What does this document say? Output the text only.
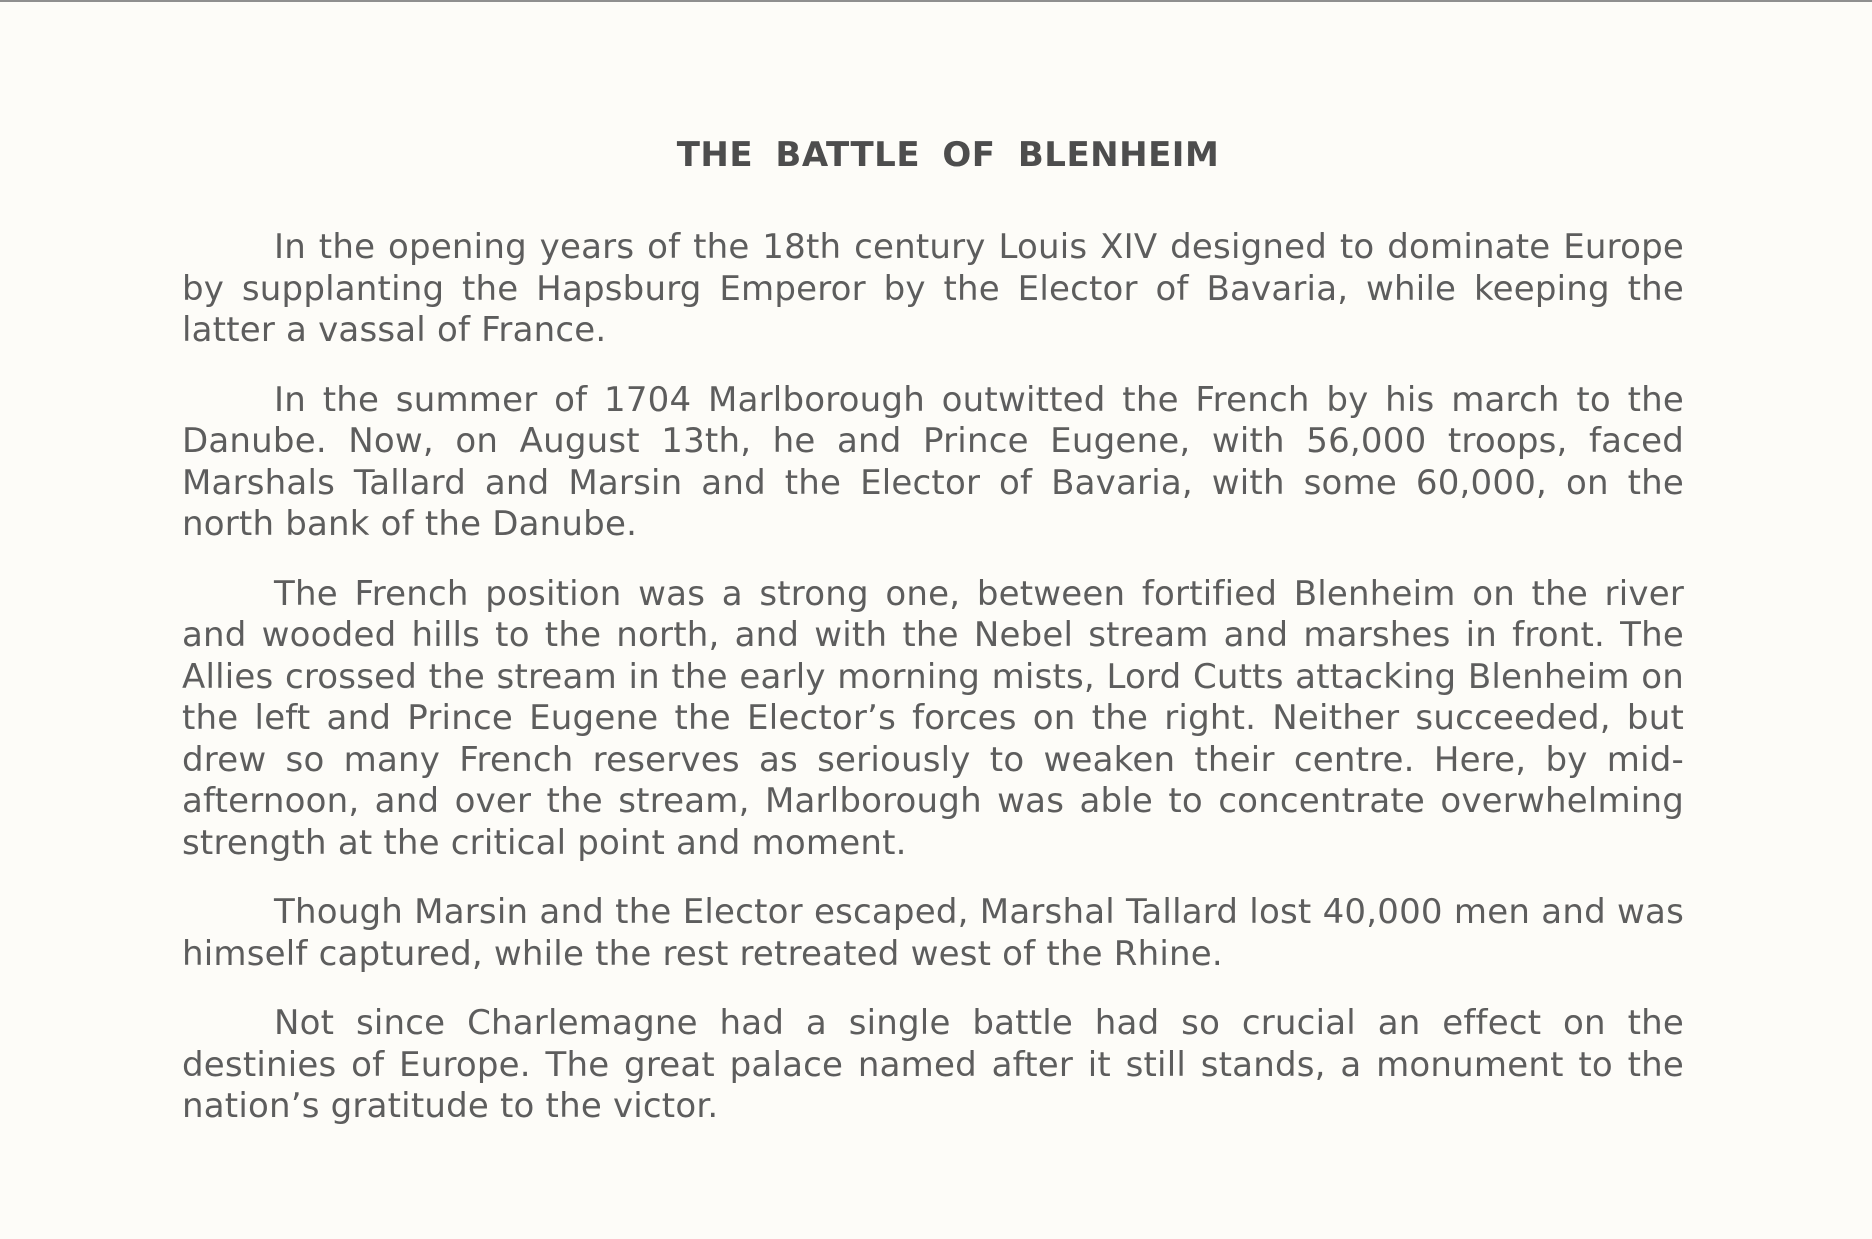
THE BATTLE OF BLENHEIM

In the opening years of the 18th century Louis XIV designed to dominate Europe by supplanting the Hapsburg Emperor by the Elector of Bavaria, while keeping the latter a vassal of France.

In the summer of 1704 Marlborough outwitted the French by his march to the Danube. Now, on August 13th, he and Prince Eugene, with 56,000 troops, faced Marshals Tallard and Marsin and the Elector of Bavaria, with some 60,000, on the north bank of the Danube.

The French position was a strong one, between fortified Blenheim on the river and wooded hills to the north, and with the Nebel stream and marshes in front. The Allies crossed the stream in the early morning mists, Lord Cutts attacking Blenheim on the left and Prince Eugene the Elector’s forces on the right. Neither succeeded, but drew so many French reserves as seriously to weaken their centre. Here, by mid-afternoon, and over the stream, Marlborough was able to concentrate overwhelming strength at the critical point and moment.

Though Marsin and the Elector escaped, Marshal Tallard lost 40,000 men and was himself captured, while the rest retreated west of the Rhine.

Not since Charlemagne had a single battle had so crucial an effect on the destinies of Europe. The great palace named after it still stands, a monument to the nation’s gratitude to the victor.
